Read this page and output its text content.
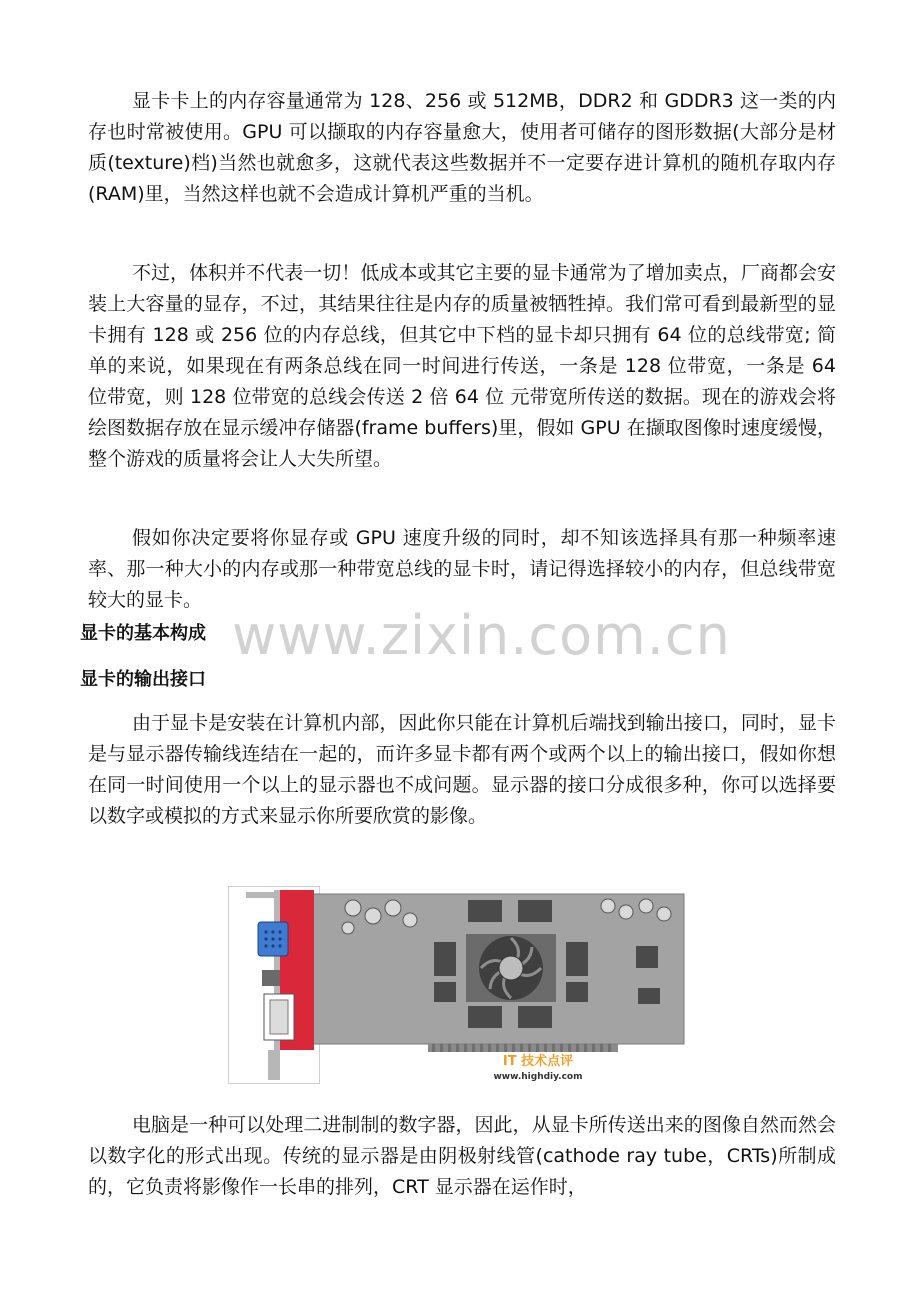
显卡卡上的内存容量通常为 128、256 或 512MB，DDR2 和 GDDR3 这一类的内存也时常被使用。GPU 可以撷取的内存容量愈大，使用者可储存的图形数据(大部分是材质(texture)档)当然也就愈多，这就代表这些数据并不一定要存进计算机的随机存取内存(RAM)里，当然这样也就不会造成计算机严重的当机。

不过，体积并不代表一切！低成本或其它主要的显卡通常为了增加卖点，厂商都会安装上大容量的显存，不过，其结果往往是内存的质量被牺牲掉。我们常可看到最新型的显卡拥有 128 或 256 位的内存总线，但其它中下档的显卡却只拥有 64 位的总线带宽; 简单的来说，如果现在有两条总线在同一时间进行传送，一条是 128 位带宽，一条是 64 位带宽，则 128 位带宽的总线会传送 2 倍 64 位 元带宽所传送的数据。现在的游戏会将绘图数据存放在显示缓冲存储器(frame buffers)里，假如 GPU 在撷取图像时速度缓慢，整个游戏的质量将会让人大失所望。

假如你决定要将你显存或 GPU 速度升级的同时，却不知该选择具有那一种频率速率、那一种大小的内存或那一种带宽总线的显卡时，请记得选择较小的内存，但总线带宽较大的显卡。

www.zixin.com.cn
显卡的基本构成
显卡的输出接口

由于显卡是安装在计算机内部，因此你只能在计算机后端找到输出接口，同时，显卡是与显示器传输线连结在一起的，而许多显卡都有两个或两个以上的输出接口，假如你想在同一时间使用一个以上的显示器也不成问题。显示器的接口分成很多种，你可以选择要以数字或模拟的方式来显示你所要欣赏的影像。

IT 技术点评
www.highdiy.com

电脑是一种可以处理二进制制的数字器，因此，从显卡所传送出来的图像自然而然会以数字化的形式出现。传统的显示器是由阴极射线管(cathode ray tube，CRTs)所制成的，它负责将影像作一长串的排列，CRT 显示器在运作时，
